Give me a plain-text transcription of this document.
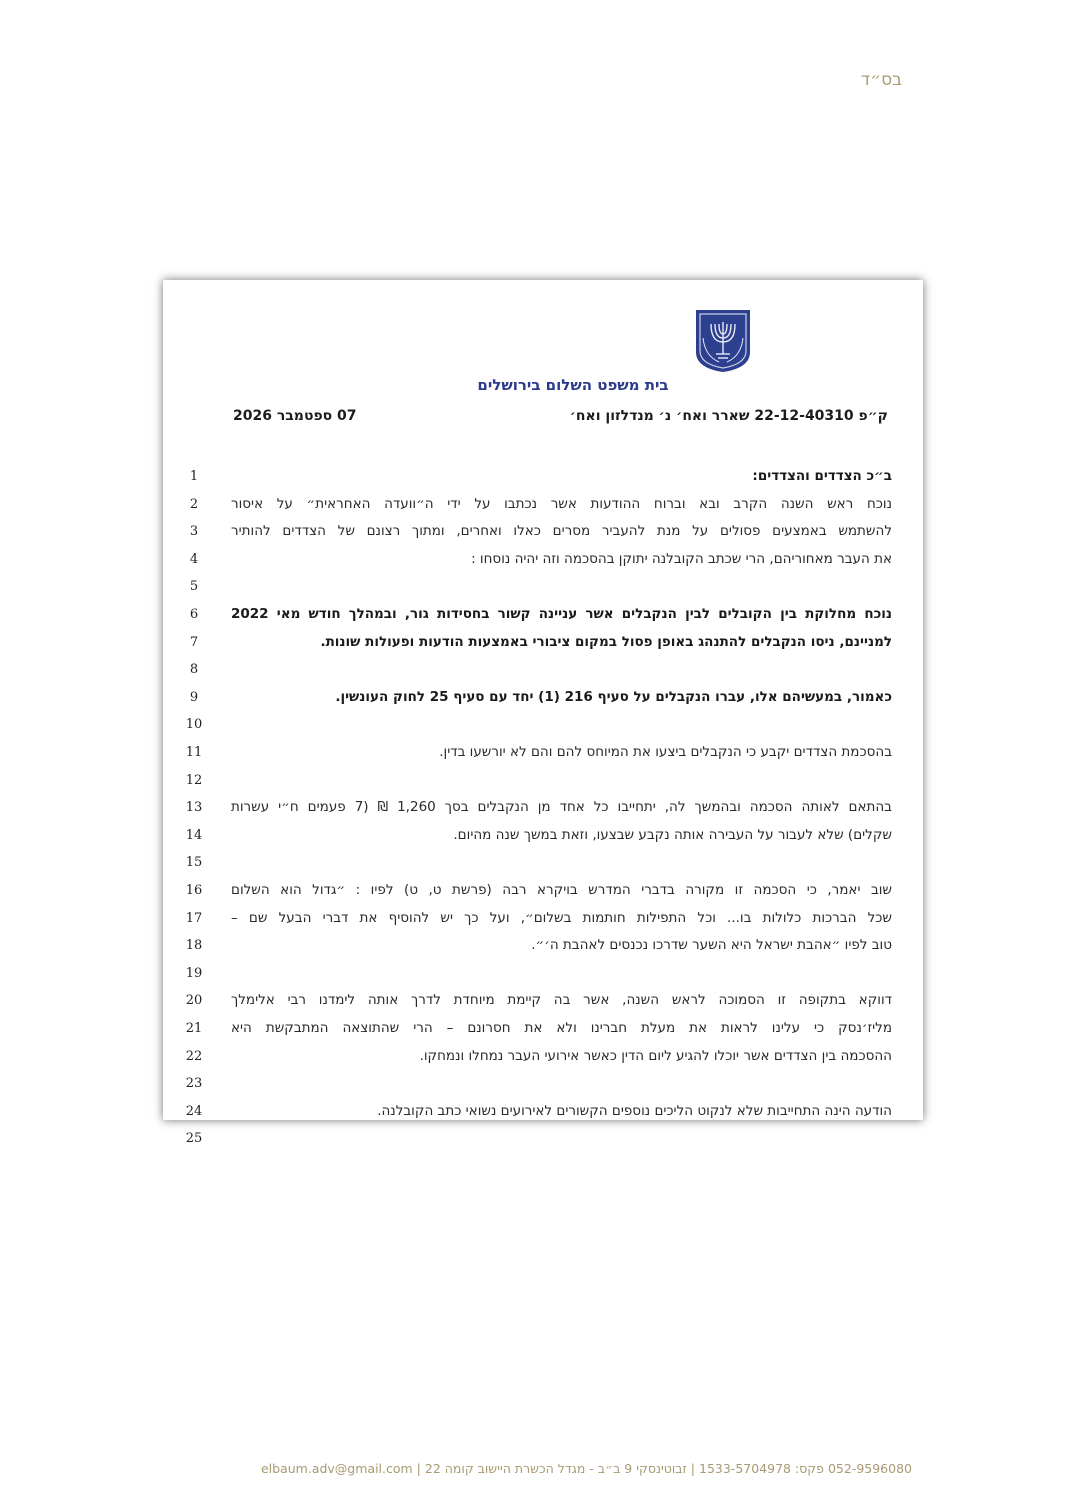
בס״ד
בית משפט השלום בירושלים
ק״פ 22-12-40310 שארר ואח׳ נ׳ מנדלזון ואח׳
07 ספטמבר 2026
1	ב״כ הצדדים והצדדים:
2	נוכח ראש השנה הקרב ובא וברוח ההודעות אשר נכתבו על ידי ה״וועדה האחראית״ על איסור
3	להשתמש באמצעים פסולים על מנת להעביר מסרים כאלו ואחרים, ומתוך רצונם של הצדדים להותיר
4	את העבר מאחוריהם, הרי שכתב הקובלנה יתוקן בהסכמה וזה יהיה נוסחו :
5
6	נוכח מחלוקת בין הקובלים לבין הנקבלים אשר עניינה קשור בחסידות גור, ובמהלך חודש מאי 2022
7	למניינם, ניסו הנקבלים להתנהג באופן פסול במקום ציבורי באמצעות הודעות ופעולות שונות.
8
9	כאמור, במעשיהם אלו, עברו הנקבלים על סעיף 216 (1) יחד עם סעיף 25 לחוק העונשין.
10
11	בהסכמת הצדדים יקבע כי הנקבלים ביצעו את המיוחס להם והם לא יורשעו בדין.
12
13	בהתאם לאותה הסכמה ובהמשך לה, יתחייבו כל אחד מן הנקבלים בסך 1,260 ₪ (7 פעמים ח״י עשרות
14	שקלים) שלא לעבור על העבירה אותה נקבע שבצעו, וזאת במשך שנה מהיום.
15
16	שוב יאמר, כי הסכמה זו מקורה בדברי המדרש בויקרא רבה (פרשת ט, ט) לפיו : ״גדול הוא השלום
17	שכל הברכות כלולות בו... וכל התפילות חותמות בשלום״, ועל כך יש להוסיף את דברי הבעל שם –
18	טוב לפיו ״אהבת ישראל היא השער שדרכו נכנסים לאהבת ה׳״.
19
20	דווקא בתקופה זו הסמוכה לראש השנה, אשר בה קיימת מיוחדת לדרך אותה לימדנו רבי אלימלך
21	מליז׳נסק כי עלינו לראות את מעלת חברינו ולא את חסרונם – הרי שהתוצאה המתבקשת היא
22	ההסכמה בין הצדדים אשר יוכלו להגיע ליום הדין כאשר אירועי העבר נמחלו ונמחקו.
23
24	הודעה הינה התחייבות שלא לנקוט הליכים נוספים הקשורים לאירועים נשואי כתב הקובלנה.
25
052-9596080 פקס: 1533-5704978 | זבוטינסקי 9 ב״ב - מגדל הכשרת היישוב קומה 22 | elbaum.adv@gmail.com
